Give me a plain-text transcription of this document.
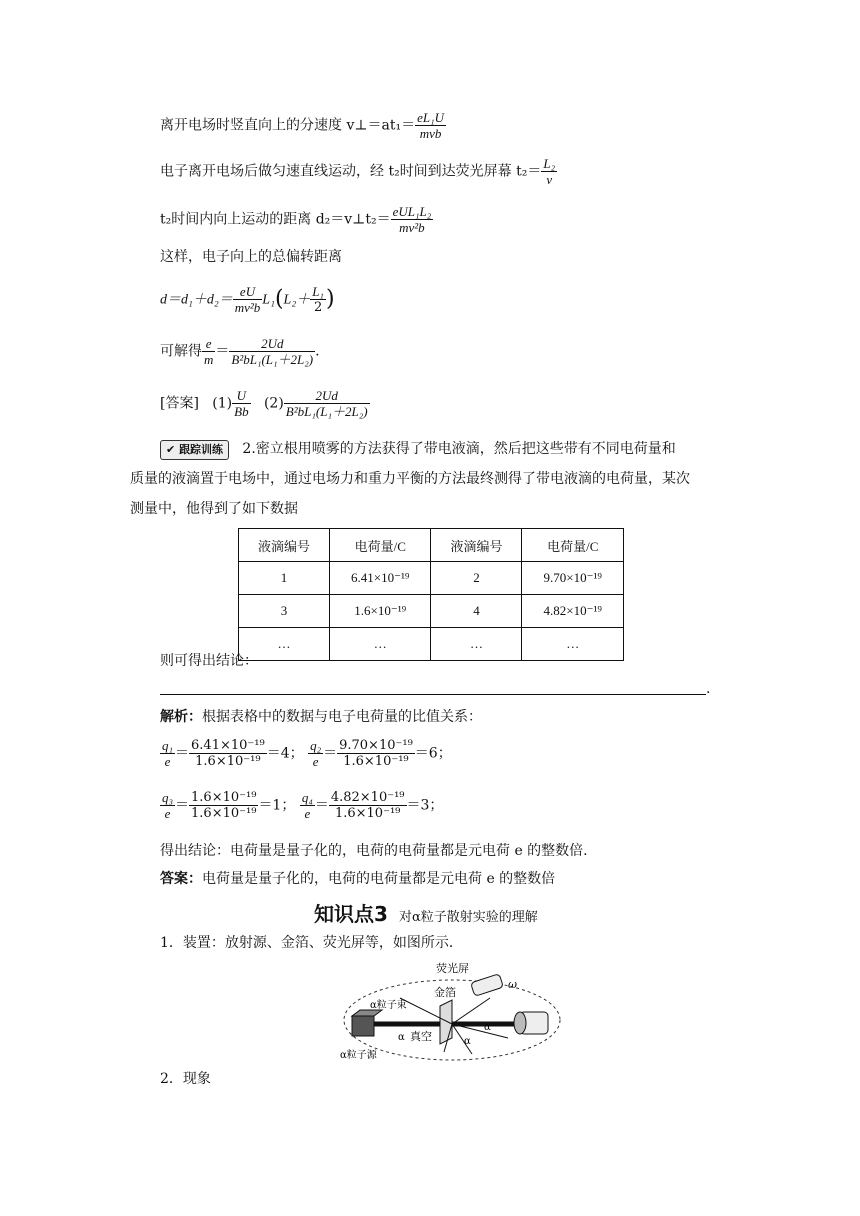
离开电场时竖直向上的分速度 v⊥＝at₁＝ $\frac{\text{eL₁U}}{\text{mvb}}$
电子离开电场后做匀速直线运动，经 t₂时间到达荧光屏幕 $t_2= \frac{\text{L₂}}{v}$
t₂时间内向上运动的距离 d₂＝v⊥t₂＝ $\frac{\text{eUL₁L₂}}{\text{mv²b}}$
这样，电子向上的总偏转距离
$d=d_1+d_2= \frac{eU}{\text{mv²b}} L_1(L_2+ \frac{\text{L₁}}{2}$ )
可解得 $\frac{e}{m} = \frac{2Ud}{\text{B²bL₁(L₁＋2L₂)}}$ .
[答案] $(1) \frac{U}{Bb} (2) \frac{2Ud}{\text{B²bL₁(L₁＋2L₂)}}$
✔ 跟踪训练 2.密立根用喷雾的方法获得了带电液滴，然后把这些带有不同电荷量和
质量的液滴置于电场中，通过电场力和重力平衡的方法最终测得了带电液滴的电荷量，某次
测量中，他得到了如下数据
液滴编号	电荷量/C	液滴编号	电荷量/C
1	6.41×10⁻¹⁹	2	9.70×10⁻¹⁹
3	1.6×10⁻¹⁹	4	4.82×10⁻¹⁹
…	…	…	…
则可得出结论：
.
解析：根据表格中的数据与电子电荷量的比值关系：
$\frac{\text{q₁}}{e} = \frac{\text{6.41×10⁻¹⁹}}{\text{1.6×10⁻¹⁹}} =4$； $\frac{\text{q₂}}{e} = \frac{\text{9.70×10⁻¹⁹}}{\text{1.6×10⁻¹⁹}} =6$；
$\frac{\text{q₃}}{e} = \frac{\text{1.6×10⁻¹⁹}}{\text{1.6×10⁻¹⁹}} =1$； $\frac{\text{q₄}}{e} = \frac{\text{4.82×10⁻¹⁹}}{\text{1.6×10⁻¹⁹}} =3$；
得出结论：电荷量是量子化的，电荷的电荷量都是元电荷 e 的整数倍.
答案：电荷量是量子化的，电荷的电荷量都是元电荷 e 的整数倍
知识点3 对α粒子散射实验的理解
1．装置：放射源、金箔、荧光屏等，如图所示．
荧光屏
金箔
α粒子束
真空
α粒子源
ω
α	α
α
2．现象
